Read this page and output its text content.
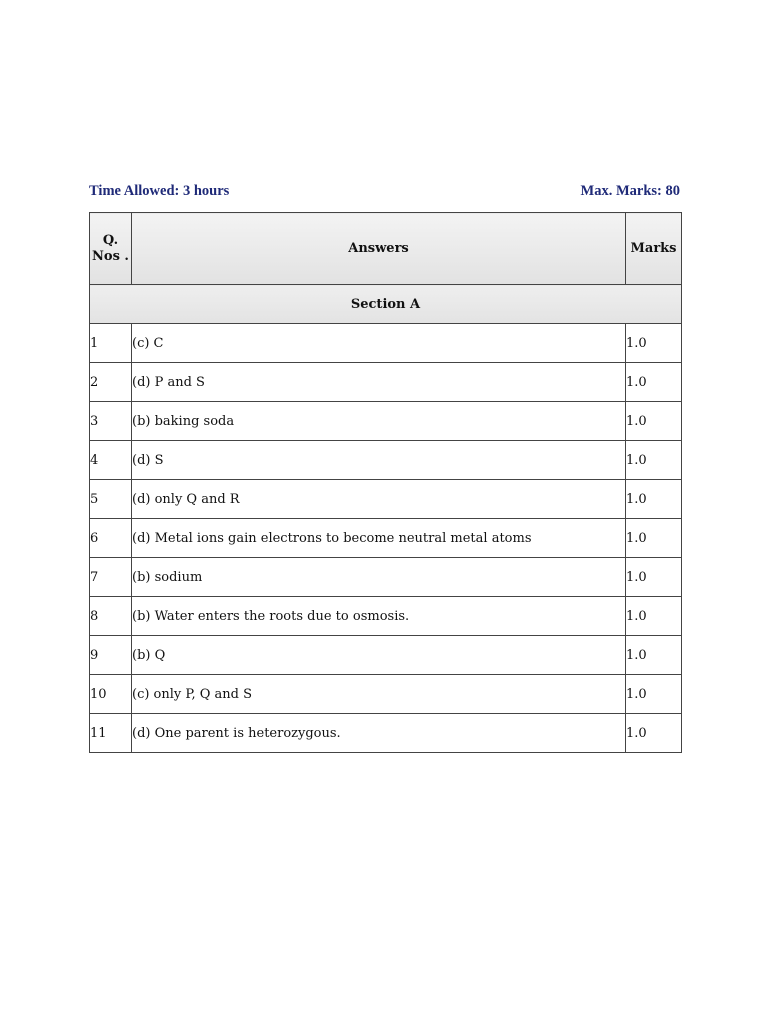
Time Allowed: 3 hours	Max. Marks: 80
Q. Nos .	Answers	Marks
Section A		
1	(c) C	1.0
2	(d) P and S	1.0
3	(b) baking soda	1.0
4	(d) S	1.0
5	(d) only Q and R	1.0
6	(d) Metal ions gain electrons to become neutral metal atoms	1.0
7	(b) sodium	1.0
8	(b) Water enters the roots due to osmosis.	1.0
9	(b) Q	1.0
10	(c) only P, Q and S	1.0
11	(d) One parent is heterozygous.	1.0
